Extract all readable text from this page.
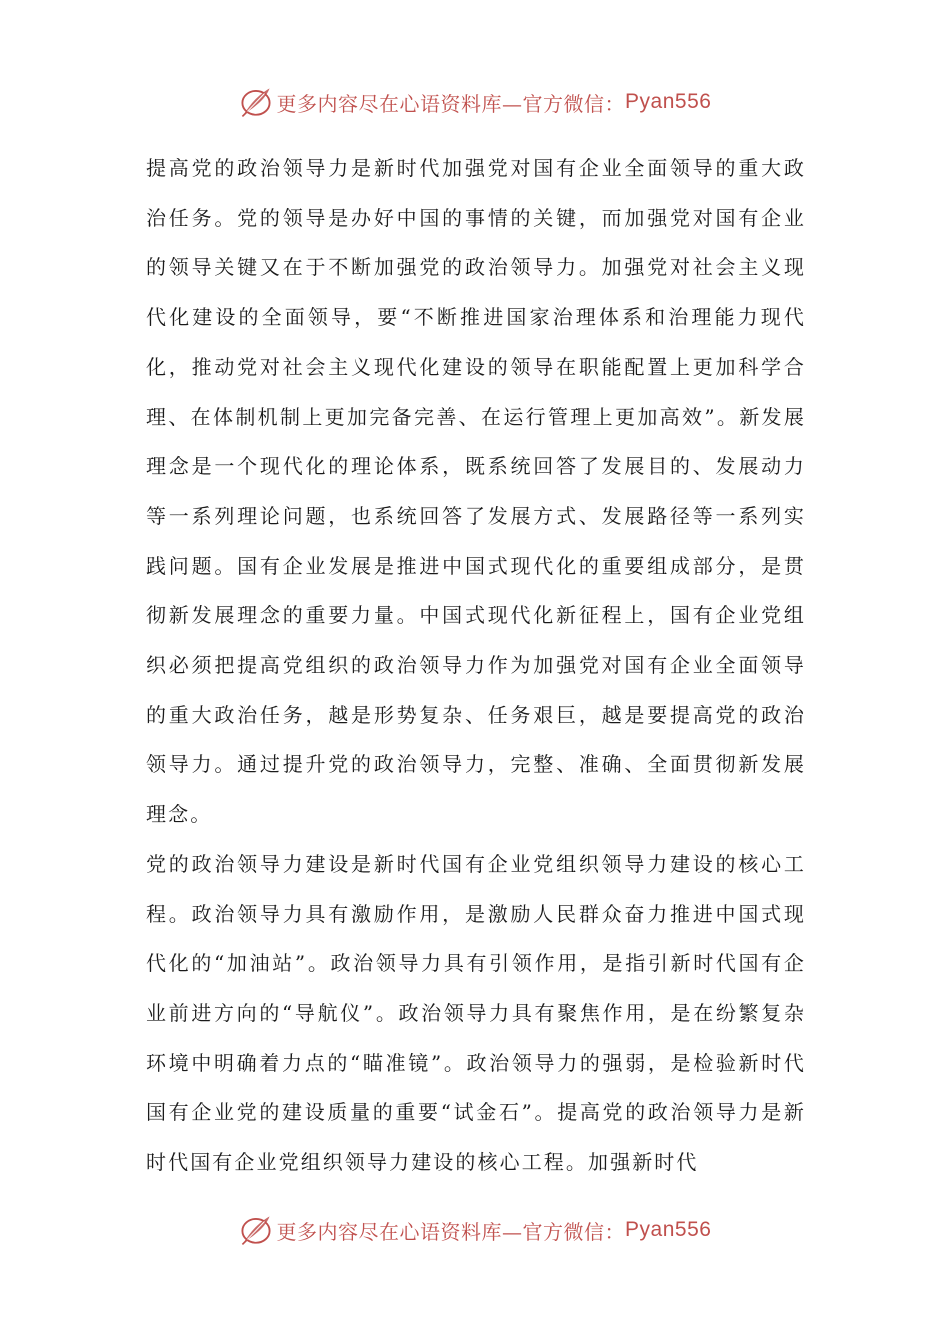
更多内容尽在心语资料库— 官方微信： Pyan556

提高党的政治领导力是新时代加强党对国有企业全面领导的重大政治任务。党的领导是办好中国的事情的关键，而加强党对国有企业的领导关键又在于不断加强党的政治领导力。加强党对社会主义现代化建设的全面领导，要“不断推进国家治理体系和治理能力现代化，推动党对社会主义现代化建设的领导在职能配置上更加科学合理、在体制机制上更加完备完善、在运行管理上更加高效”。新发展理念是一个现代化的理论体系，既系统回答了发展目的、发展动力等一系列理论问题，也系统回答了发展方式、发展路径等一系列实践问题。国有企业发展是推进中国式现代化的重要组成部分，是贯彻新发展理念的重要力量。中国式现代化新征程上，国有企业党组织必须把提高党组织的政治领导力作为加强党对国有企业全面领导的重大政治任务，越是形势复杂、任务艰巨，越是要提高党的政治领导力。通过提升党的政治领导力，完整、准确、全面贯彻新发展理念。

党的政治领导力建设是新时代国有企业党组织领导力建设的核心工程。政治领导力具有激励作用，是激励人民群众奋力推进中国式现代化的“加油站”。政治领导力具有引领作用，是指引新时代国有企业前进方向的“导航仪”。政治领导力具有聚焦作用，是在纷繁复杂环境中明确着力点的“瞄准镜”。政治领导力的强弱，是检验新时代国有企业党的建设质量的重要“试金石”。提高党的政治领导力是新时代国有企业党组织领导力建设的核心工程。加强新时代

更多内容尽在心语资料库— 官方微信： Pyan556
